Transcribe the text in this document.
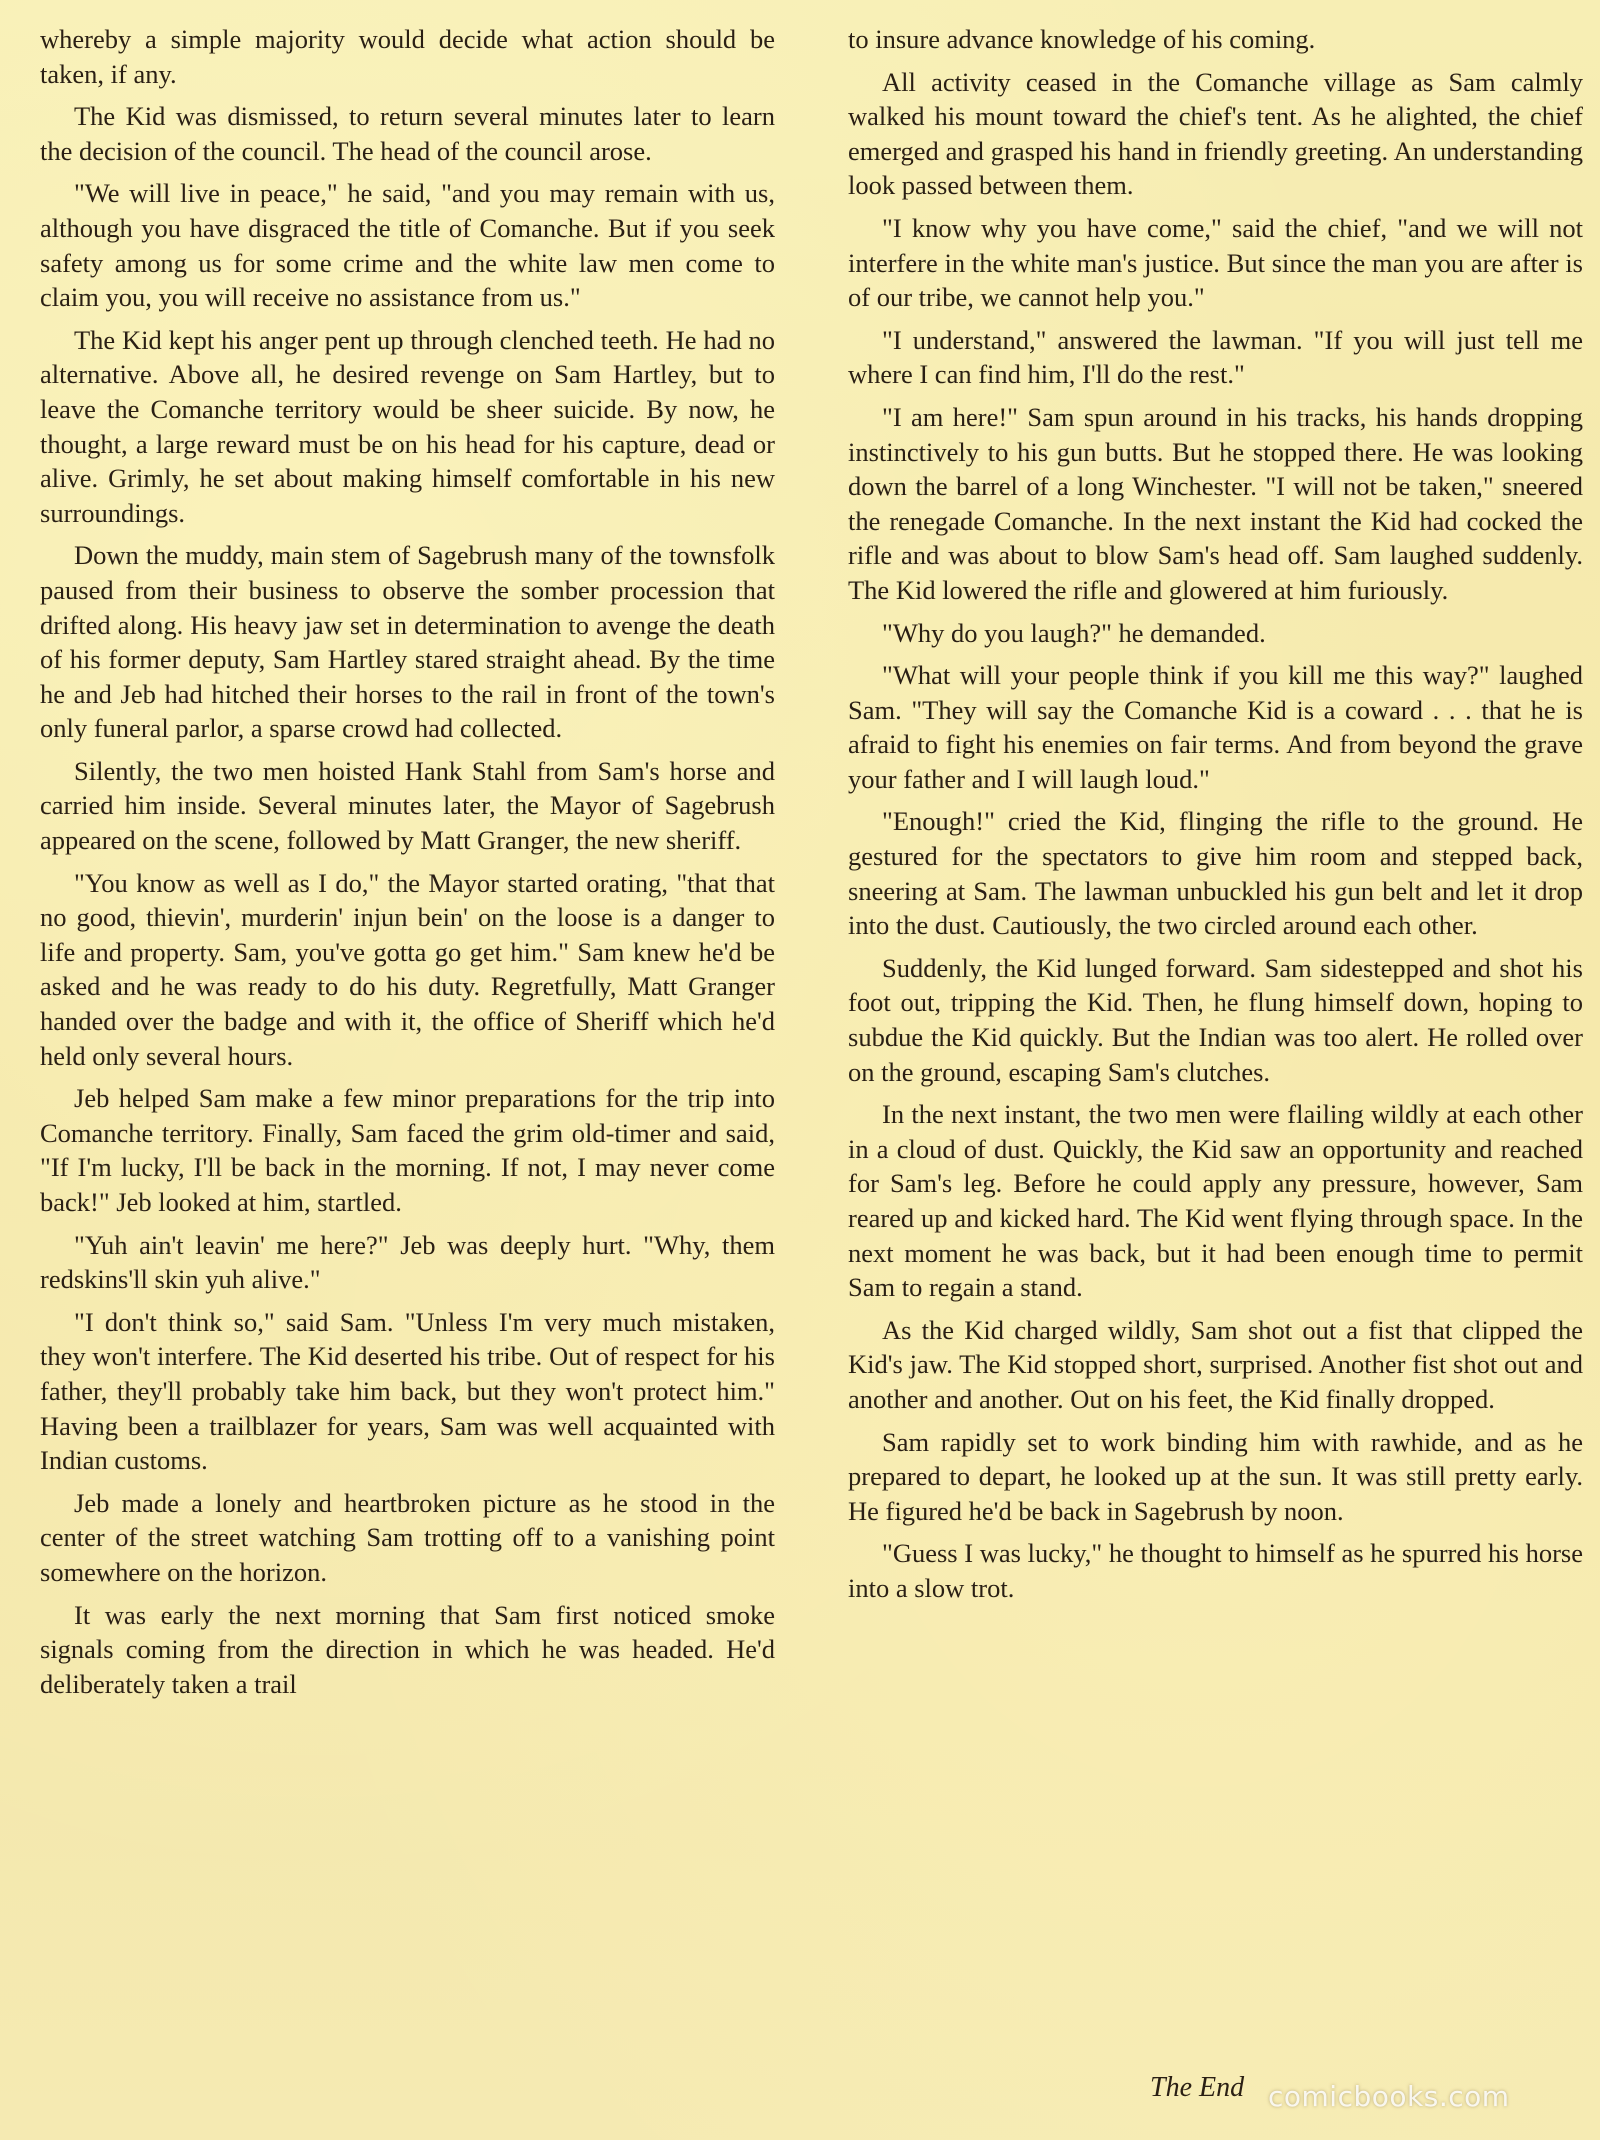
whereby a simple majority would decide what action should be taken, if any.

The Kid was dismissed, to return several minutes later to learn the decision of the council. The head of the council arose.

"We will live in peace," he said, "and you may remain with us, although you have disgraced the title of Comanche. But if you seek safety among us for some crime and the white law men come to claim you, you will receive no assistance from us."

The Kid kept his anger pent up through clenched teeth. He had no alternative. Above all, he desired revenge on Sam Hartley, but to leave the Comanche territory would be sheer suicide. By now, he thought, a large reward must be on his head for his capture, dead or alive. Grimly, he set about making himself comfortable in his new surroundings.

Down the muddy, main stem of Sagebrush many of the townsfolk paused from their business to observe the somber procession that drifted along. His heavy jaw set in determination to avenge the death of his former deputy, Sam Hartley stared straight ahead. By the time he and Jeb had hitched their horses to the rail in front of the town's only funeral parlor, a sparse crowd had collected.

Silently, the two men hoisted Hank Stahl from Sam's horse and carried him inside. Several minutes later, the Mayor of Sagebrush appeared on the scene, followed by Matt Granger, the new sheriff.

"You know as well as I do," the Mayor started orating, "that that no good, thievin', murderin' injun bein' on the loose is a danger to life and property. Sam, you've gotta go get him." Sam knew he'd be asked and he was ready to do his duty. Regretfully, Matt Granger handed over the badge and with it, the office of Sheriff which he'd held only several hours.

Jeb helped Sam make a few minor preparations for the trip into Comanche territory. Finally, Sam faced the grim old-timer and said, "If I'm lucky, I'll be back in the morning. If not, I may never come back!" Jeb looked at him, startled.

"Yuh ain't leavin' me here?" Jeb was deeply hurt. "Why, them redskins'll skin yuh alive."

"I don't think so," said Sam. "Unless I'm very much mistaken, they won't interfere. The Kid deserted his tribe. Out of respect for his father, they'll probably take him back, but they won't protect him." Having been a trailblazer for years, Sam was well acquainted with Indian customs.

Jeb made a lonely and heartbroken picture as he stood in the center of the street watching Sam trotting off to a vanishing point somewhere on the horizon.

It was early the next morning that Sam first noticed smoke signals coming from the direction in which he was headed. He'd deliberately taken a trail

to insure advance knowledge of his coming.

All activity ceased in the Comanche village as Sam calmly walked his mount toward the chief's tent. As he alighted, the chief emerged and grasped his hand in friendly greeting. An understanding look passed between them.

"I know why you have come," said the chief, "and we will not interfere in the white man's justice. But since the man you are after is of our tribe, we cannot help you."

"I understand," answered the lawman. "If you will just tell me where I can find him, I'll do the rest."

"I am here!" Sam spun around in his tracks, his hands dropping instinctively to his gun butts. But he stopped there. He was looking down the barrel of a long Winchester. "I will not be taken," sneered the renegade Comanche. In the next instant the Kid had cocked the rifle and was about to blow Sam's head off. Sam laughed suddenly. The Kid lowered the rifle and glowered at him furiously.

"Why do you laugh?" he demanded.

"What will your people think if you kill me this way?" laughed Sam. "They will say the Comanche Kid is a coward . . . that he is afraid to fight his enemies on fair terms. And from beyond the grave your father and I will laugh loud."

"Enough!" cried the Kid, flinging the rifle to the ground. He gestured for the spectators to give him room and stepped back, sneering at Sam. The lawman unbuckled his gun belt and let it drop into the dust. Cautiously, the two circled around each other.

Suddenly, the Kid lunged forward. Sam sidestepped and shot his foot out, tripping the Kid. Then, he flung himself down, hoping to subdue the Kid quickly. But the Indian was too alert. He rolled over on the ground, escaping Sam's clutches.

In the next instant, the two men were flailing wildly at each other in a cloud of dust. Quickly, the Kid saw an opportunity and reached for Sam's leg. Before he could apply any pressure, however, Sam reared up and kicked hard. The Kid went flying through space. In the next moment he was back, but it had been enough time to permit Sam to regain a stand.

As the Kid charged wildly, Sam shot out a fist that clipped the Kid's jaw. The Kid stopped short, surprised. Another fist shot out and another and another. Out on his feet, the Kid finally dropped.

Sam rapidly set to work binding him with rawhide, and as he prepared to depart, he looked up at the sun. It was still pretty early. He figured he'd be back in Sagebrush by noon.

"Guess I was lucky," he thought to himself as he spurred his horse into a slow trot.

The End comicbooks.com
